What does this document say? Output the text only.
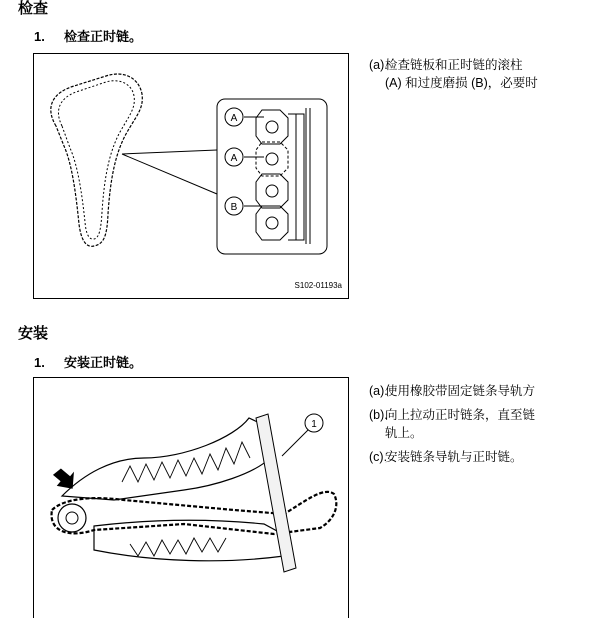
检查
1. 检查正时链。
A
A
B
S102-01193a
(a).检查链板和正时链的滚柱
(A) 和过度磨损 (B)，必要时
安装
1. 安装正时链。
1
(a).使用橡胶带固定链条导轨方
(b).向上拉动正时链条，直至链
轨上。
(c).安装链条导轨与正时链。
